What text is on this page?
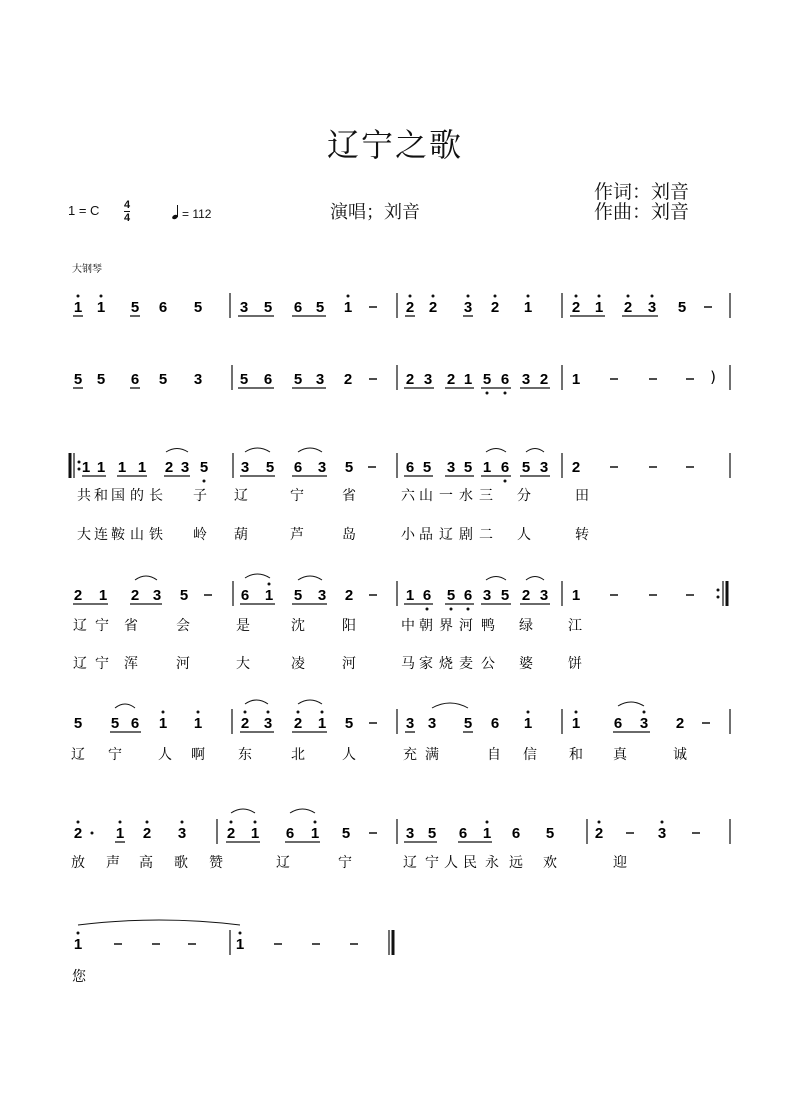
辽宁之歌
1 = C 4
4	= 112	演唱；刘音
作词：刘音
作曲：刘音
大钢琴
1 1 5 6 5	3 5 6 5 1	2 2 3 2 1	2 1 2 3 5
5 5 6 5 3	5 6 5 3 2	2 3 2 1 5 6 3 2 1	)
1 1 1 1 2 3 5 3 5 6 3 5	6 5 3 5 1 6 5 3 2
2 1 2 3 5	6 1 5 3 2	1 6 5 6 3 5 2 3 1
5 5 6 1 1	2 3 2 1 5	3 3 5 6 1	1 6 3 2
2 1 2 3	2 1 6 1 5	3 5 6 1 6 5	2	3
1	1
共 和 国 的 长 子 辽	宁	省	六 山 一 水 三 分	田
大 连 鞍 山 铁 岭 葫	芦	岛	小 品 辽 剧 二 人	转
辽 宁 省	会	是	沈	阳	中 朝 界 河 鸭 绿	江
辽 宁 浑	河	大	凌	河	马 家 烧 麦 公 婆	饼
辽 宁	人 啊 东	北	人	充 满	自 信 和 真	诚
放 声 高 歌 赞	辽	宁	辽 宁 人 民 永 远 欢	迎
您
